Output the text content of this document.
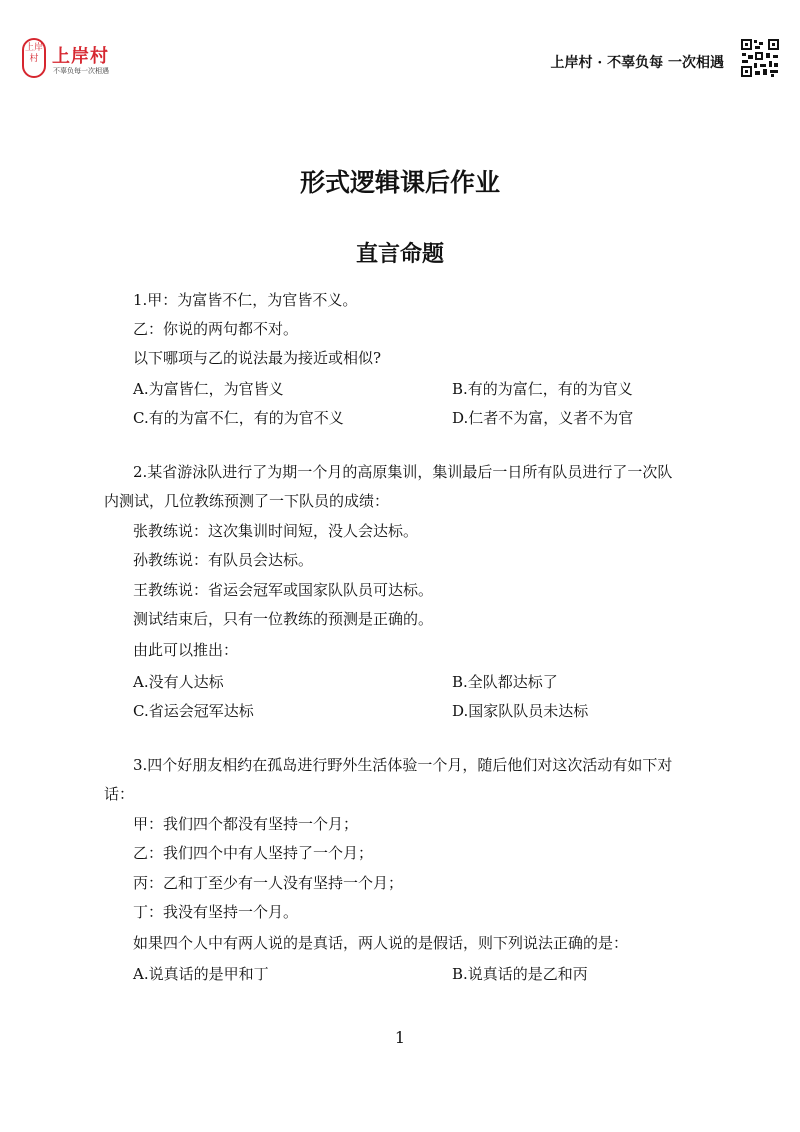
上岸村 上岸村
不辜负每一次相遇	上岸村 · 不辜负每 一次相遇
形式逻辑课后作业
直言命题
1.甲：为富皆不仁，为官皆不义。
乙：你说的两句都不对。
以下哪项与乙的说法最为接近或相似?
A.为富皆仁，为官皆义	B.有的为富仁，有的为官义
C.有的为富不仁，有的为官不义	D.仁者不为富，义者不为官
2.某省游泳队进行了为期一个月的高原集训，集训最后一日所有队员进行了一次队
内测试，几位教练预测了一下队员的成绩：
张教练说：这次集训时间短，没人会达标。
孙教练说：有队员会达标。
王教练说：省运会冠军或国家队队员可达标。
测试结束后，只有一位教练的预测是正确的。
由此可以推出：
A.没有人达标	B.全队都达标了
C.省运会冠军达标	D.国家队队员未达标
3.四个好朋友相约在孤岛进行野外生活体验一个月，随后他们对这次活动有如下对
话：
甲：我们四个都没有坚持一个月；
乙：我们四个中有人坚持了一个月；
丙：乙和丁至少有一人没有坚持一个月；
丁：我没有坚持一个月。
如果四个人中有两人说的是真话，两人说的是假话，则下列说法正确的是：
A.说真话的是甲和丁	B.说真话的是乙和丙
1
